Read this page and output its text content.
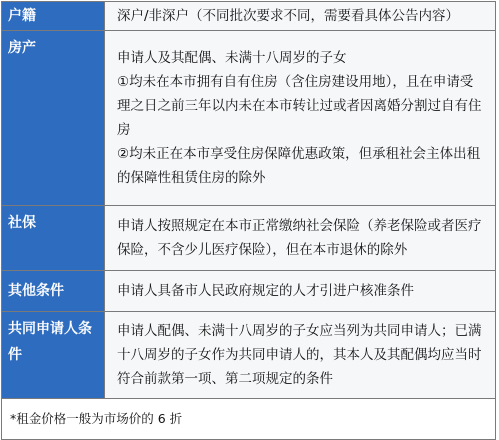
户籍	深户/非深户（不同批次要求不同，需要看具体公告内容）

房产	申请人及其配偶、未满十八周岁的子女

①均未在本市拥有自有住房（含住房建设用地），且在申请受理之日之前三年以内未在本市转让过或者因离婚分割过自有住房

②均未正在本市享受住房保障优惠政策，但承租社会主体出租的保障性租赁住房的除外

社保	申请人按照规定在本市正常缴纳社会保险（养老保险或者医疗保险，不含少儿医疗保险），但在本市退休的除外

其他条件	申请人具备市人民政府规定的人才引进户核准条件

共同申请人条件	申请人配偶、未满十八周岁的子女应当列为共同申请人；已满十八周岁的子女作为共同申请人的，其本人及其配偶均应当时符合前款第一项、第二项规定的条件

*租金价格一般为市场价的 6 折	
